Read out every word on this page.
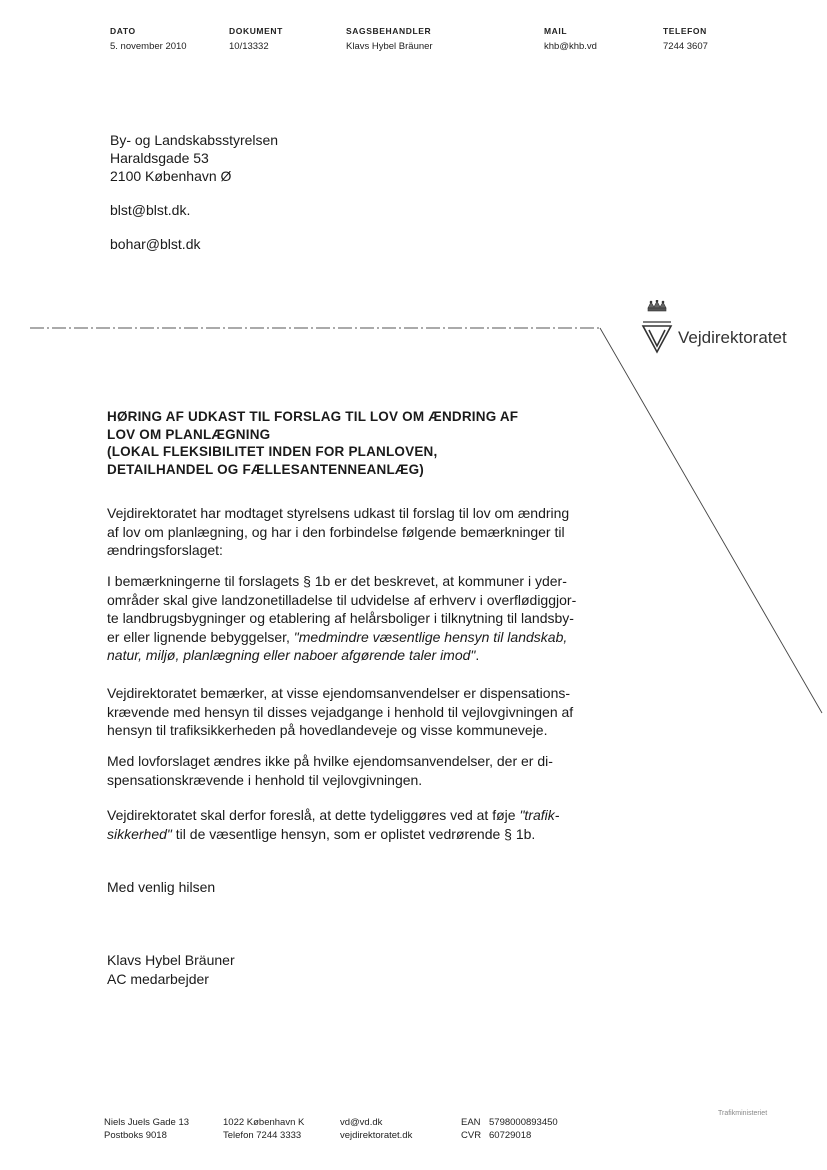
DATO
5. november 2010
DOKUMENT
10/13332
SAGSBEHANDLER
Klavs Hybel Bräuner
MAIL
khb@khb.vd
TELEFON
7244 3607
By- og Landskabsstyrelsen
Haraldsgade 53
2100 København Ø
blst@blst.dk.
bohar@blst.dk
Vejdirektoratet
HØRING AF UDKAST TIL FORSLAG TIL LOV OM ÆNDRING AF
LOV OM PLANLÆGNING
(LOKAL FLEKSIBILITET INDEN FOR PLANLOVEN,
DETAILHANDEL OG FÆLLESANTENNEANLÆG)
Vejdirektoratet har modtaget styrelsens udkast til forslag til lov om ændring
af lov om planlægning, og har i den forbindelse følgende bemærkninger til
ændringsforslaget:
I bemærkningerne til forslagets § 1b er det beskrevet, at kommuner i yder-
områder skal give landzonetilladelse til udvidelse af erhverv i overflødiggjor-
te landbrugsbygninger og etablering af helårsboliger i tilknytning til landsby-
er eller lignende bebyggelser, "medmindre væsentlige hensyn til landskab,
natur, miljø, planlægning eller naboer afgørende taler imod".
Vejdirektoratet bemærker, at visse ejendomsanvendelser er dispensations-
krævende med hensyn til disses vejadgange i henhold til vejlovgivningen af
hensyn til trafiksikkerheden på hovedlandeveje og visse kommuneveje.
Med lovforslaget ændres ikke på hvilke ejendomsanvendelser, der er di-
spensationskrævende i henhold til vejlovgivningen.
Vejdirektoratet skal derfor foreslå, at dette tydeliggøres ved at føje "trafik-
sikkerhed" til de væsentlige hensyn, som er oplistet vedrørende § 1b.
Med venlig hilsen
Klavs Hybel Bräuner
AC medarbejder
Niels Juels Gade 13
Postboks 9018
1022 København K
Telefon 7244 3333
vd@vd.dk
vejdirektoratet.dk
EAN 5798000893450
CVR 60729018
Trafikministeriet
